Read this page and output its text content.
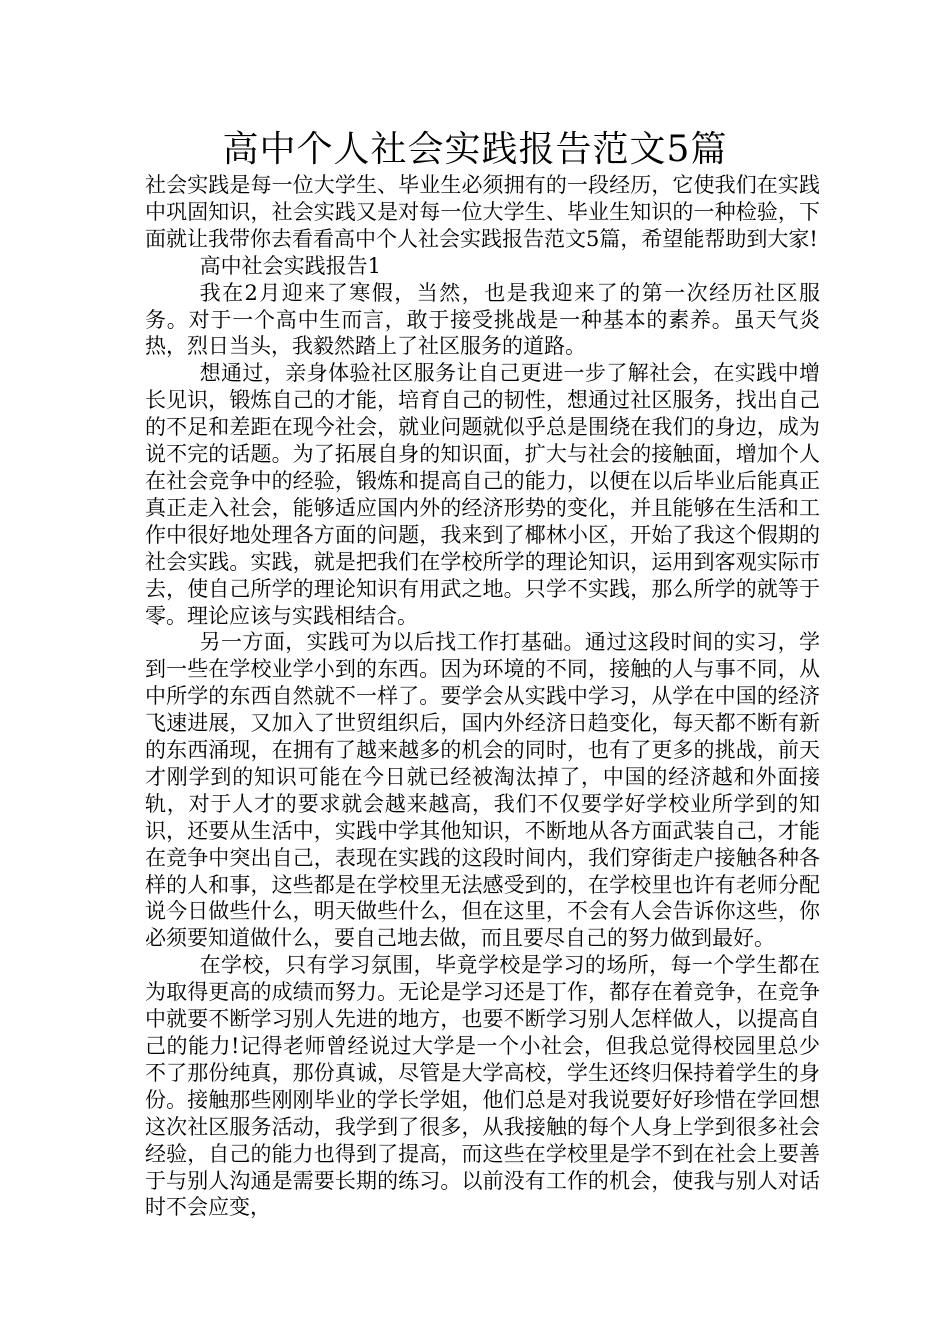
高中个人社会实践报告范文5篇

社会实践是每一位大学生、毕业生必须拥有的一段经历，它使我们在实践中巩固知识，社会实践又是对每一位大学生、毕业生知识的一种检验，下面就让我带你去看看高中个人社会实践报告范文5篇，希望能帮助到大家!

高中社会实践报告1

我在2月迎来了寒假，当然，也是我迎来了的第一次经历社区服务。对于一个高中生而言，敢于接受挑战是一种基本的素养。虽天气炎热，烈日当头，我毅然踏上了社区服务的道路。

想通过，亲身体验社区服务让自己更进一步了解社会，在实践中增长见识，锻炼自己的才能，培育自己的韧性，想通过社区服务，找出自己的不足和差距在现今社会，就业问题就似乎总是围绕在我们的身边，成为说不完的话题。为了拓展自身的知识面，扩大与社会的接触面，增加个人在社会竞争中的经验，锻炼和提高自己的能力，以便在以后毕业后能真正真正走入社会，能够适应国内外的经济形势的变化，并且能够在生活和工作中很好地处理各方面的问题，我来到了椰林小区，开始了我这个假期的社会实践。实践，就是把我们在学校所学的理论知识，运用到客观实际巿去，使自己所学的理论知识有用武之地。只学不实践，那么所学的就等于零。理论应该与实践相结合。

另一方面，实践可为以后找工作打基础。通过这段时间的实习，学到一些在学校业学小到的东西。因为环境的不同，接触的人与事不同，从中所学的东西自然就不一样了。要学会从实践中学习，从学在中国的经济飞速进展，又加入了世贸组织后，国内外经济日趋变化，每天都不断有新的东西涌现，在拥有了越来越多的机会的同时，也有了更多的挑战，前天才刚学到的知识可能在今日就已经被淘汰掉了，中国的经济越和外面接轨，对于人才的要求就会越来越高，我们不仅要学好学校业所学到的知识，还要从生活中，实践中学其他知识，不断地从各方面武装自己，才能在竞争中突出自己，表现在实践的这段时间内，我们穿街走户接触各种各样的人和事，这些都是在学校里无法感受到的，在学校里也许有老师分配说今日做些什么，明天做些什么，但在这里，不会有人会告诉你这些，你必须要知道做什么，要自己地去做，而且要尽自己的努力做到最好。

在学校，只有学习氛围，毕竟学校是学习的场所，每一个学生都在为取得更高的成绩而努力。无论是学习还是丁作，都存在着竞争，在竞争中就要不断学习别人先进的地方，也要不断学习别人怎样做人，以提高自己的能力!记得老师曾经说过大学是一个小社会，但我总觉得校园里总少不了那份纯真，那份真诚，尽管是大学高校，学生还终归保持着学生的身份。接触那些刚刚毕业的学长学姐，他们总是对我说要好好珍惜在学回想这次社区服务活动，我学到了很多，从我接触的每个人身上学到很多社会经验，自己的能力也得到了提高，而这些在学校里是学不到在社会上要善于与别人沟通是需要长期的练习。以前没有工作的机会，使我与别人对话时不会应变，
